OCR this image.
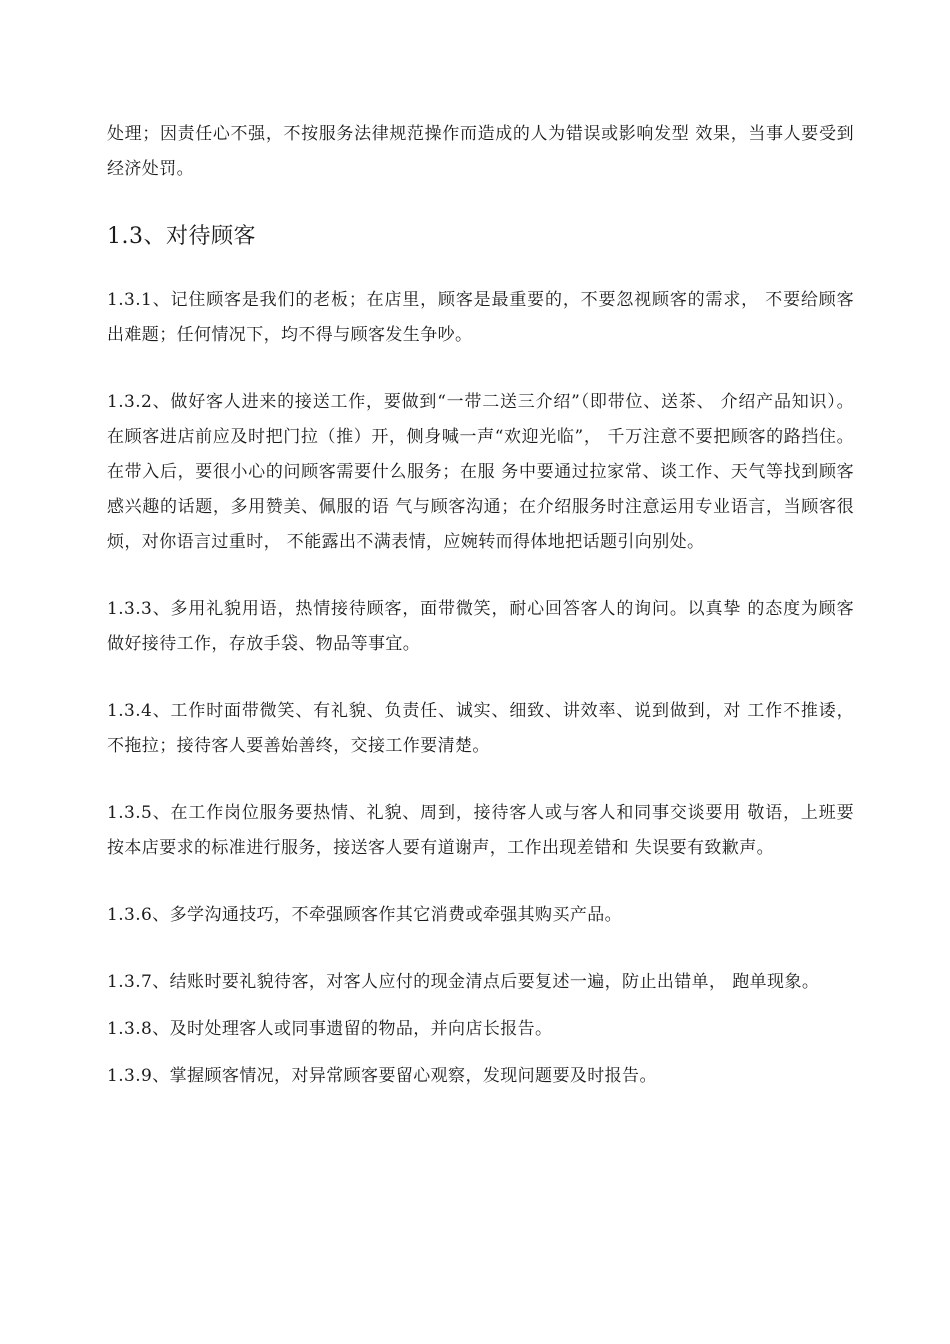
处理；因责任心不强，不按服务法律规范操作而造成的人为错误或影响发型 效果，当事人要受到经济处罚。

1.3、对待顾客

1.3.1、记住顾客是我们的老板；在店里，顾客是最重要的，不要忽视顾客的需求， 不要给顾客出难题；任何情况下，均不得与顾客发生争吵。

1.3.2、做好客人进来的接送工作，要做到“一带二送三介绍”（即带位、送茶、 介绍产品知识）。在顾客进店前应及时把门拉（推）开，侧身喊一声“欢迎光临”， 千万注意不要把顾客的路挡住。在带入后，要很小心的问顾客需要什么服务；在服 务中要通过拉家常、谈工作、天气等找到顾客感兴趣的话题，多用赞美、佩服的语 气与顾客沟通；在介绍服务时注意运用专业语言，当顾客很烦，对你语言过重时， 不能露出不满表情，应婉转而得体地把话题引向别处。

1.3.3、多用礼貌用语，热情接待顾客，面带微笑，耐心回答客人的询问。以真挚 的态度为顾客做好接待工作，存放手袋、物品等事宜。

1.3.4、工作时面带微笑、有礼貌、负责任、诚实、细致、讲效率、说到做到，对 工作不推诿，不拖拉；接待客人要善始善终，交接工作要清楚。

1.3.5、在工作岗位服务要热情、礼貌、周到，接待客人或与客人和同事交谈要用 敬语，上班要按本店要求的标准进行服务，接送客人要有道谢声，工作出现差错和 失误要有致歉声。

1.3.6、多学沟通技巧，不牵强顾客作其它消费或牵强其购买产品。

1.3.7、结账时要礼貌待客，对客人应付的现金清点后要复述一遍，防止出错单， 跑单现象。

1.3.8、及时处理客人或同事遗留的物品，并向店长报告。

1.3.9、掌握顾客情况，对异常顾客要留心观察，发现问题要及时报告。
